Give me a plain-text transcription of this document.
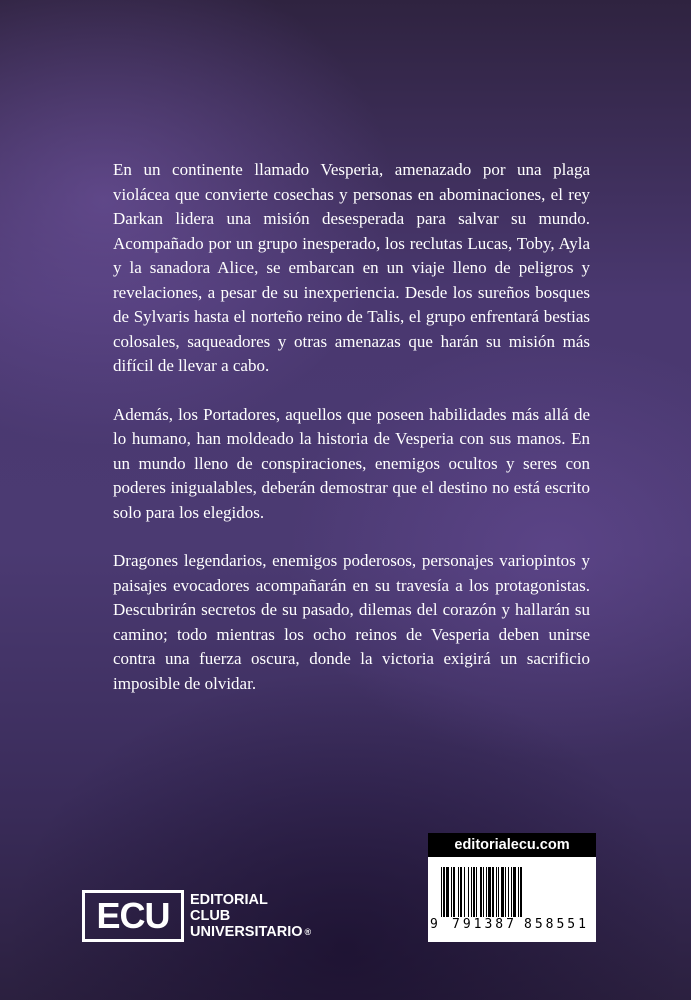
En un continente llamado Vesperia, amenazado por una plaga violácea que convierte cosechas y personas en abominaciones, el rey Darkan lidera una misión desesperada para salvar su mundo. Acompañado por un grupo inesperado, los reclutas Lucas, Toby, Ayla y la sanadora Alice, se embarcan en un viaje lleno de peligros y revelaciones, a pesar de su inexperiencia. Desde los sureños bosques de Sylvaris hasta el norteño reino de Talis, el grupo enfrentará bestias colosales, saqueadores y otras amenazas que harán su misión más difícil de llevar a cabo.

Además, los Portadores, aquellos que poseen habilidades más allá de lo humano, han moldeado la historia de Vesperia con sus manos. En un mundo lleno de conspiraciones, enemigos ocultos y seres con poderes inigualables, deberán demostrar que el destino no está escrito solo para los elegidos.

Dragones legendarios, enemigos poderosos, personajes variopintos y paisajes evocadores acompañarán en su travesía a los protagonistas. Descubrirán secretos de su pasado, dilemas del corazón y hallarán su camino; todo mientras los ocho reinos de Vesperia deben unirse contra una fuerza oscura, donde la victoria exigirá un sacrificio imposible de olvidar.

ECU	EDITORIAL
CLUB
UNIVERSITARIO ®
editorialecu.com
9 791387 858551
